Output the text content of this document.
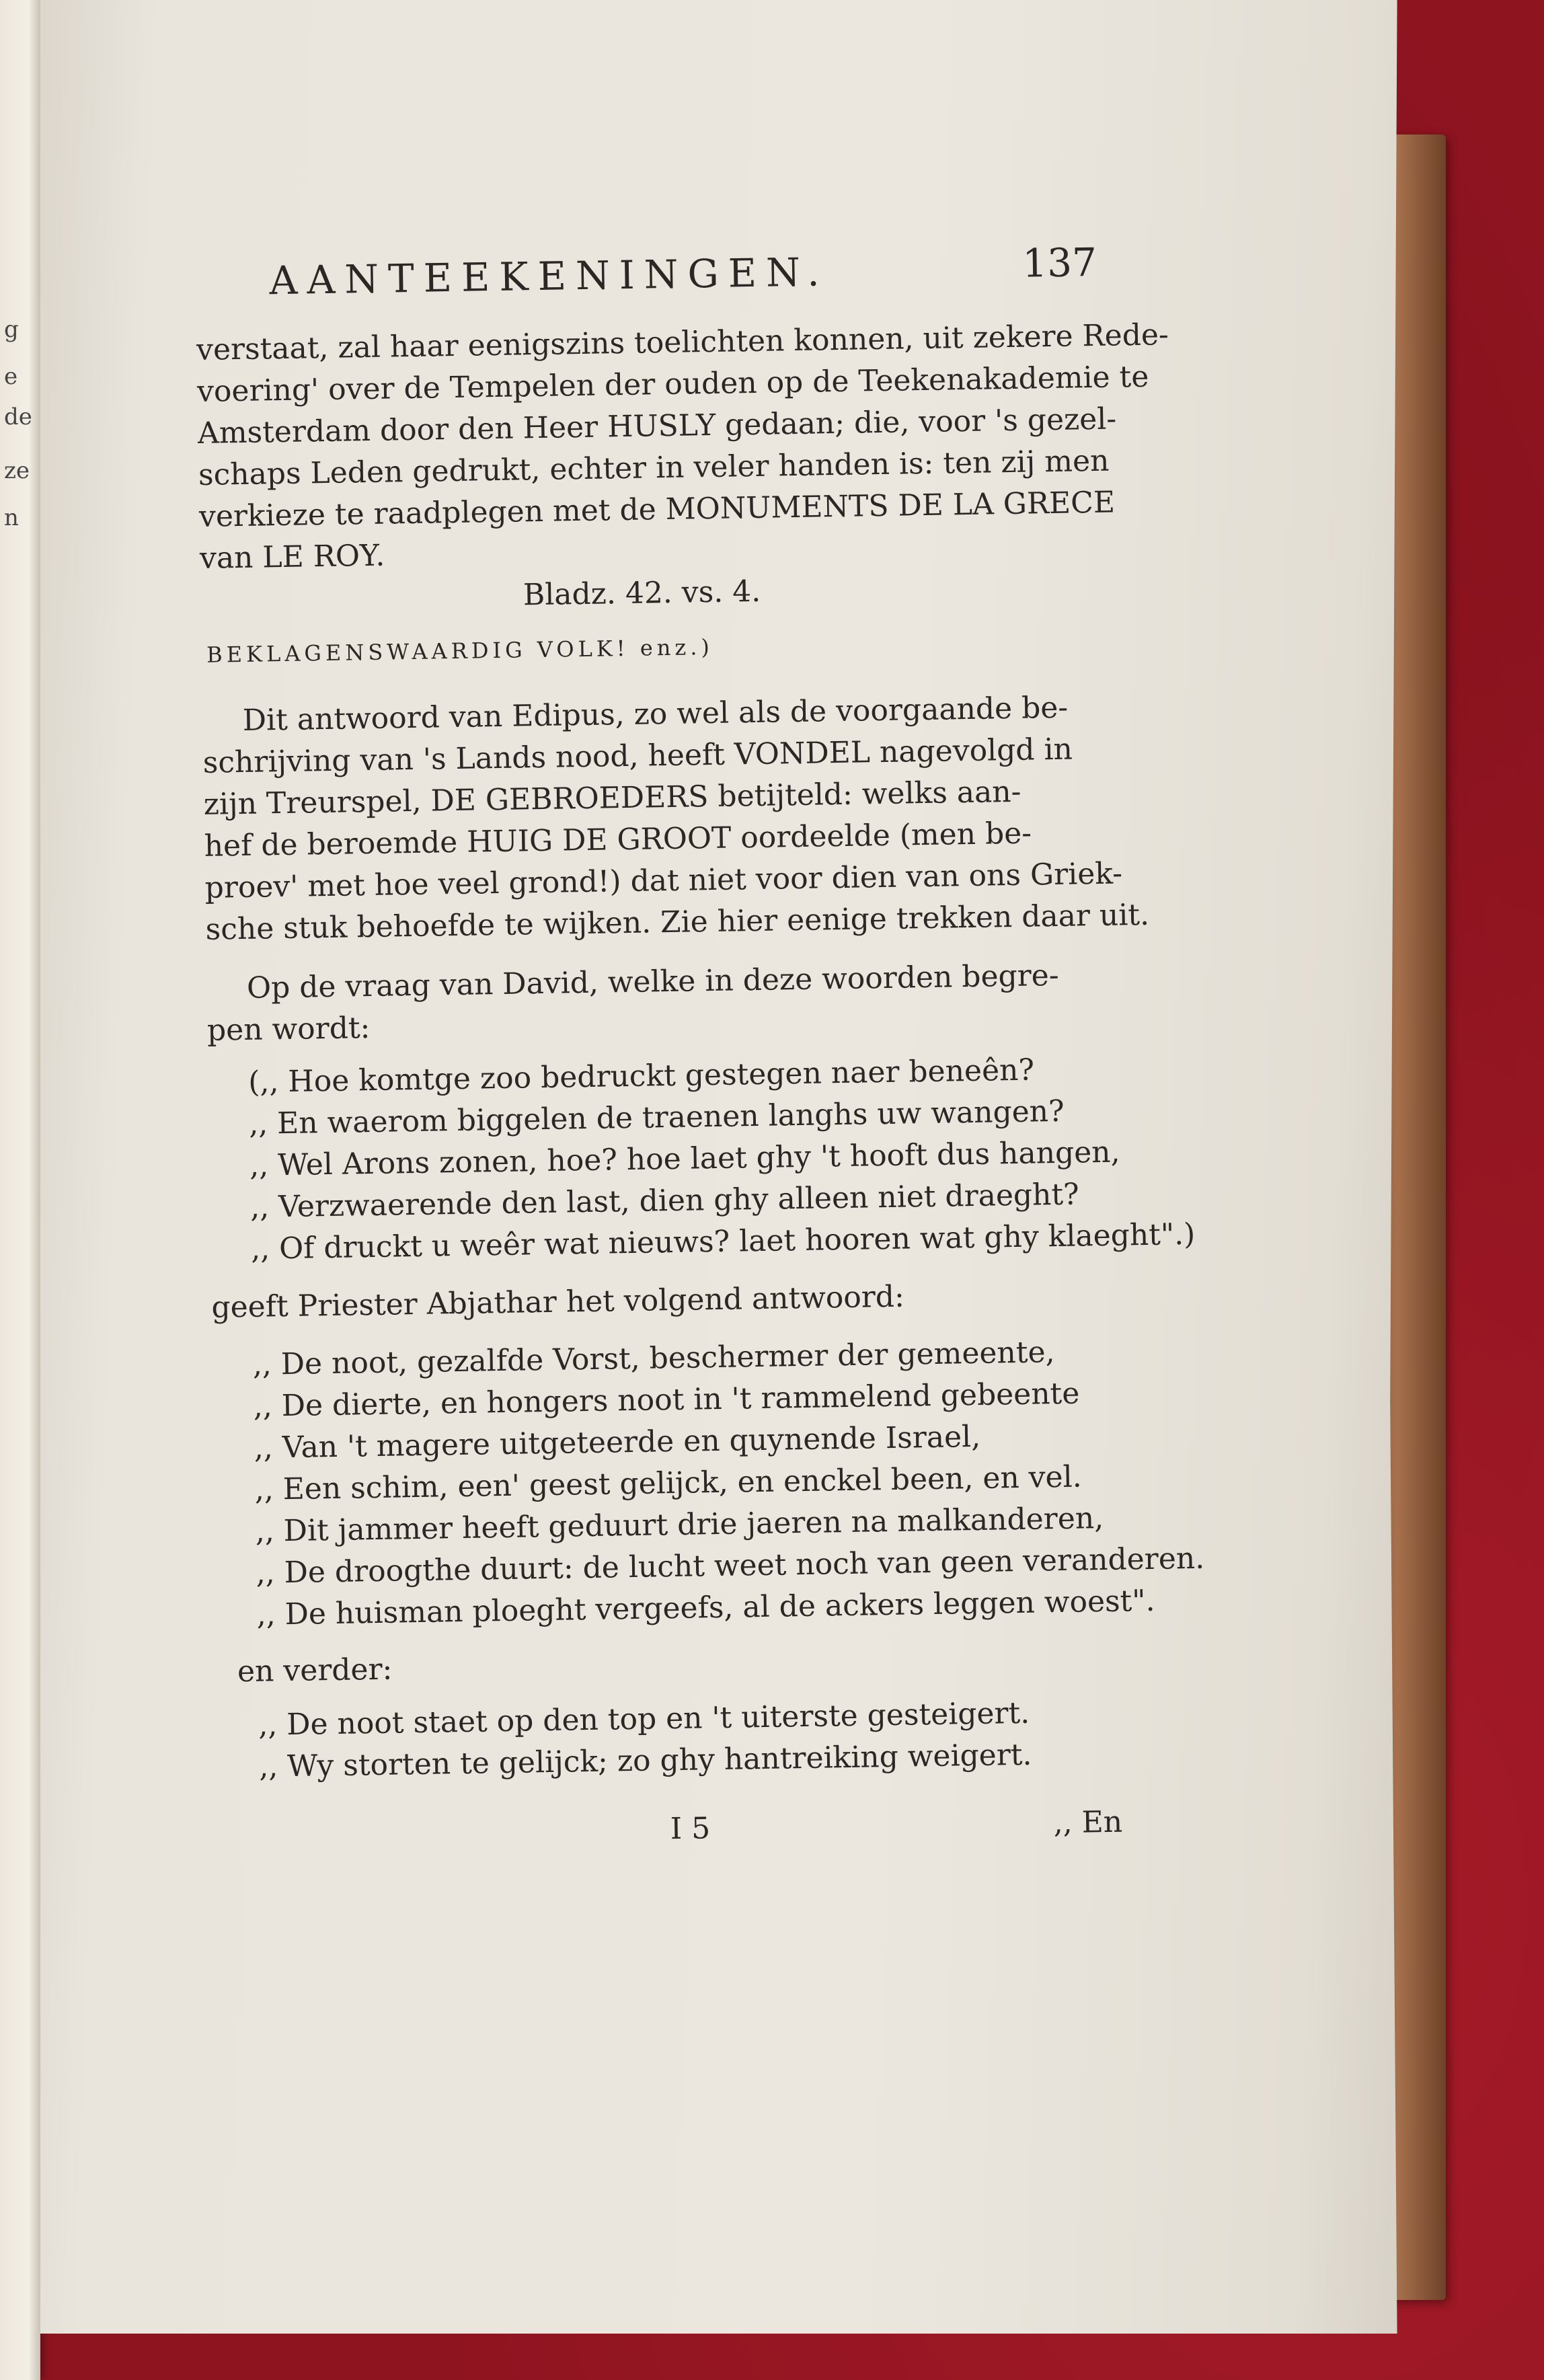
g
e
de
ze
n
AANTEEKENINGEN.	137
verstaat, zal haar eenigszins toelichten konnen, uit zekere Rede-
voering' over de Tempelen der ouden op de Teekenakademie te
Amsterdam door den Heer HUSLY gedaan; die, voor 's gezel-
schaps Leden gedrukt, echter in veler handen is: ten zij men
verkieze te raadplegen met de MONUMENTS DE LA GRECE
van LE ROY.
Bladz. 42. vs. 4.
BEKLAGENSWAARDIG VOLK! enz.)
Dit antwoord van Edipus, zo wel als de voorgaande be-
schrijving van 's Lands nood, heeft VONDEL nagevolgd in
zijn Treurspel, DE GEBROEDERS betijteld: welks aan-
hef de beroemde HUIG DE GROOT oordeelde (men be-
proev' met hoe veel grond!) dat niet voor dien van ons Griek-
sche stuk behoefde te wijken. Zie hier eenige trekken daar uit.
Op de vraag van David, welke in deze woorden begre-
pen wordt:
(,, Hoe komtge zoo bedruckt gestegen naer beneên?
,, En waerom biggelen de traenen langhs uw wangen?
,, Wel Arons zonen, hoe? hoe laet ghy 't hooft dus hangen,
,, Verzwaerende den last, dien ghy alleen niet draeght?
,, Of druckt u weêr wat nieuws? laet hooren wat ghy klaeght".)
geeft Priester Abjathar het volgend antwoord:
,, De noot, gezalfde Vorst, beschermer der gemeente,
,, De dierte, en hongers noot in 't rammelend gebeente
,, Van 't magere uitgeteerde en quynende Israel,
,, Een schim, een' geest gelijck, en enckel been, en vel.
,, Dit jammer heeft geduurt drie jaeren na malkanderen,
,, De droogthe duurt: de lucht weet noch van geen veranderen.
,, De huisman ploeght vergeefs, al de ackers leggen woest".
en verder:
,, De noot staet op den top en 't uiterste gesteigert.
,, Wy storten te gelijck; zo ghy hantreiking weigert.
I 5	,, En
